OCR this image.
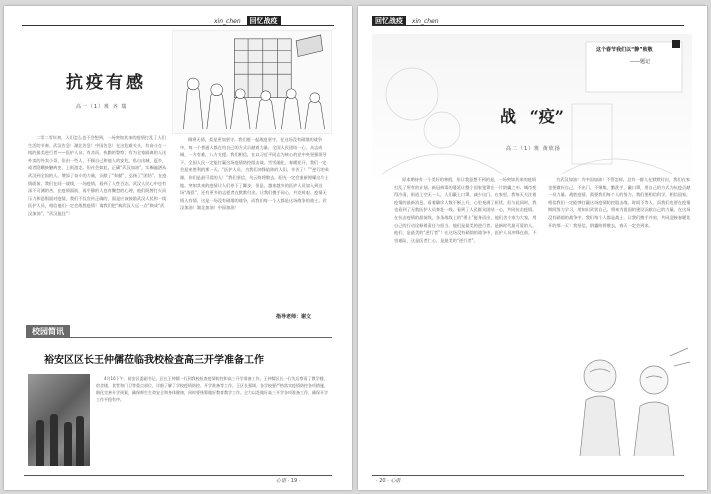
xin_chen 回忆战疫
抗疫有感
高一（1）班 齐 瑞
二零二零年初，人们怎么也不会想到，一场突如其来的疫情打乱了人们生活的节奏。武汉告急！湖北告急！中国告急！在这危难关头，有奋斗在一线的最美逆行者——医护人员；有舍而，执勤的警察；有为全家隔离的人送外卖的外卖小哥，但由一些人，不顾自己和他人的安危，私自出城、返乡，或者隐瞒接触病史，上街游走。但社会如此，正确“武汉加油”，实赐遍洒从武汉到全国的人，增添了奋斗的力量，贡献了“奉献”，弘扬了“团结”，在疫情面前，我们在同一战线，一场疫情，看到了人性百态。武汉人民心中也有深不可测的苦，在疫情面前，再平静的人也有懈怠的心理，他们既曾打火而压力和恐惧面对疫情，我们不仅宣传正确的，面是应该鼓励武汉人民和一线医护人员，相信他们一定会战胜疫情！请我们把“疯武汉人远一点”换成“武汉加油”，“武汉挺住”！
摄将无情，爱是更加坚守。我们愿一起战疫坚守，在这场没有硝烟的战争中，每一个普通人都在用自己的方式贡献着力量。全国人民团结一心，众志成城，一方有难，八方支援。我们相信，在以习近平同志为核心的党中央坚强领导下，全国人民一定能打赢这场疫情防控阻击战。雪雪融化，春暖花开，我们一定会迎来胜利的那一天。“医护人员，为我们冲锋陷阵的人们，辛苦了！”“逆行的英雄，你们是最可爱的人！”我们坚信，乌云终将散去，阳光一定会重新照耀这片土地。突如其来的疫情让人们停下了脚步，但是，越来越多的医护人员加入到这场“战役”，还有更多的志愿者在默默付出。让我们携手同心，共克时艰。疫情无情人有情，这是一场没有硝烟的战争，而我们每一个人都是这场战争的战士。武汉加油！湖北加油！中国加油！
指导老师：谢文
校园简讯
裕安区区长王仲儒莅临我校检查高三开学准备工作
4月16下午，裕安区委副书记、区长王仲儒一行到我校检查疫情防控和高三开学准备工作。王仲儒区长一行先后察看了教学楼、宿舍楼、食堂和门卫等重点部位，详细了解了学校疫情防控、开学准备等工作。王区长强调，各学校要严格落实疫情防控各项措施，细化完善开学预案，确保师生生命安全和身体健康，同时要统筹做好教育教学工作。全力以赴做好高三开学各项准备工作，确保开学工作平稳有序。
心语 · 19 ·
回忆战疫 xin_chen
这个春节我们以“静”致敬
——题记
战 “疫”
高二（1）班 黄欣扬
原本期待有一个美好的寒假，但让我意想不到的是，一场突如其来的疫情打乱了所有的计划。新冠病毒的蔓延让整个国家笼罩在一片阴霾之中。城市变得冷清，街道上空无一人，人们戴上口罩，减少出门。在家里，我每天关注着疫情的最新消息，看着确诊人数不断上升，心里充满了担忧。但与此同时，我也看到了无数医护人员奔赴一线，看到了人民群众团结一心，共同抗击疫情。在抗击疫情的最前线，各条战线上的“勇士”挺身而出，他们舍小家为大家，用自己的行动诠释着责任与担当。他们是最美的逆行者，是新时代最可爱的人。他们，是最美的“逆行者”！在这场没有硝烟的战争中，医护人员冲锋在前，不畏艰险，这是医者仁心，是最美的“逆行者”。
为武汉加油！为中国加油！不管怎样，总有一群人在默默付出，我们在家也要做好自己，不出门、不聚集、勤洗手、戴口罩，用自己的方式为抗疫贡献一份力量。战胜疫情，需要我们每个人的努力。我们要相信科学，相信国家，相信我们一定能够打赢这场疫情防控阻击战。时间不等人，而我们也要在疫情期间努力学习，用知识武装自己，将来为祖国的建设贡献自己的力量。在这场没有硝烟的战争中，我们每个人都是战士，让我们携手并肩，共同迎接春暖花开的那一天！我坚信，阴霾终将散去，春天一定会到来。
· 20 · 心语
